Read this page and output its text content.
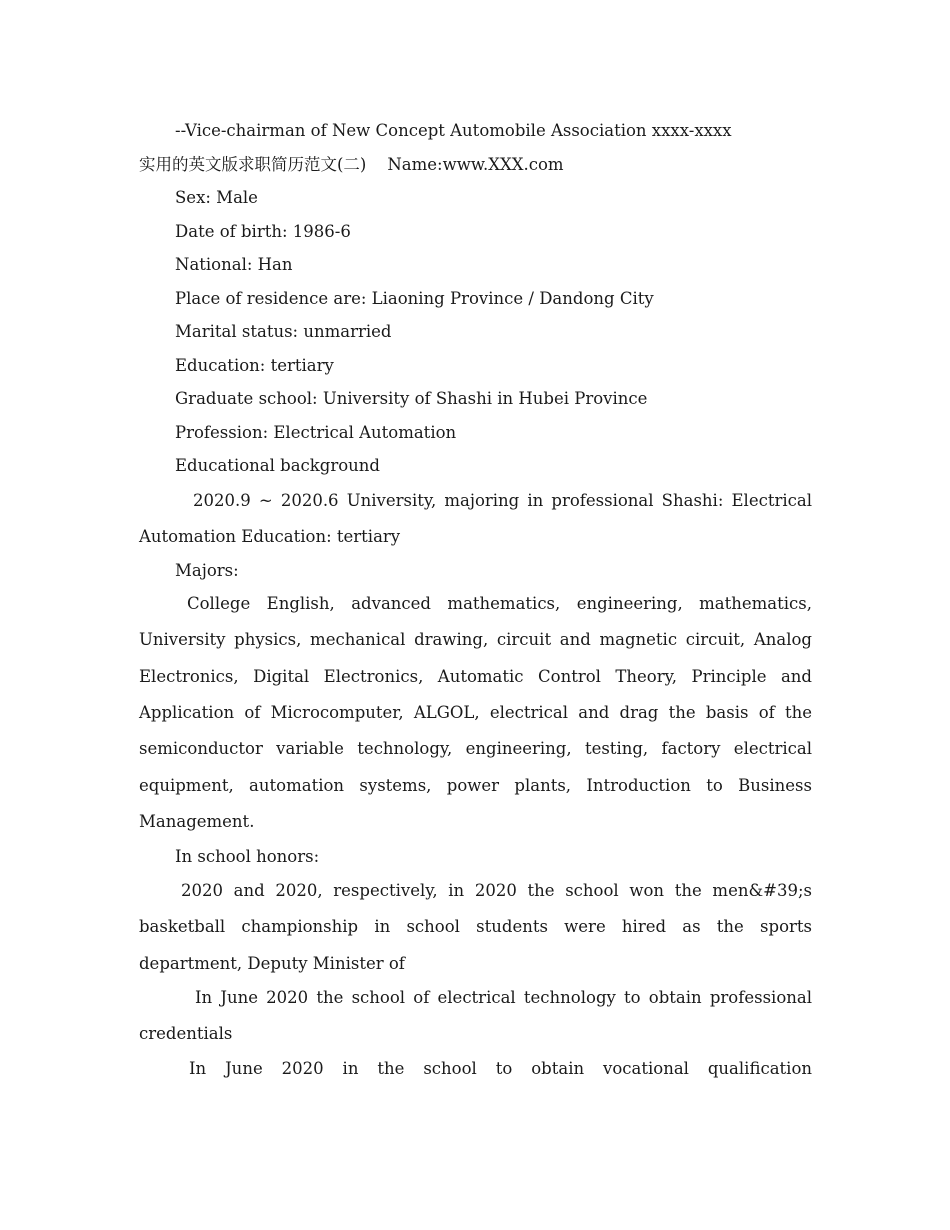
--Vice-chairman of New Concept Automobile Association xxxx-xxxx
实用的英文版求职简历范文(二) Name:www.XXX.com
Sex: Male
Date of birth: 1986-6
National: Han
Place of residence are: Liaoning Province / Dandong City
Marital status: unmarried
Education: tertiary
Graduate school: University of Shashi in Hubei Province
Profession: Electrical Automation
Educational background

2020.9 ~ 2020.6 University, majoring in professional Shashi: Electrical Automation Education: tertiary

Majors:

College English, advanced mathematics, engineering, mathematics, University physics, mechanical drawing, circuit and magnetic circuit, Analog Electronics, Digital Electronics, Automatic Control Theory, Principle and Application of Microcomputer, ALGOL, electrical and drag the basis of the semiconductor variable technology, engineering, testing, factory electrical equipment, automation systems, power plants, Introduction to Business Management.

In school honors:

2020 and 2020, respectively, in 2020 the school won the men&#39;s basketball championship in school students were hired as the sports department, Deputy Minister of

In June 2020 the school of electrical technology to obtain professional credentials

In June 2020 in the school to obtain vocational qualification
